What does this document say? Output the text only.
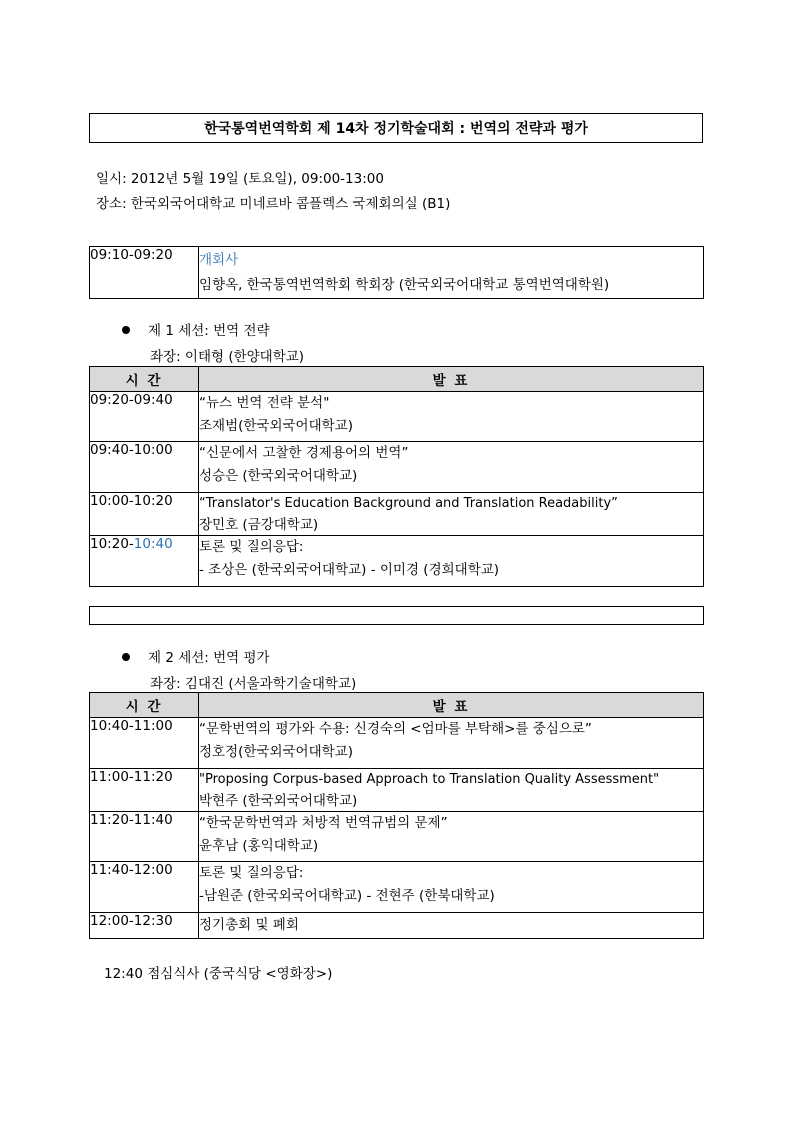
한국통역번역학회 제 14차 정기학술대회 : 번역의 전략과 평가
일시: 2012년 5월 19일 (토요일), 09:00-13:00
장소: 한국외국어대학교 미네르바 콤플렉스 국제회의실 (B1)
09:10-09:20	개회사
임향옥, 한국통역번역학회 학회장 (한국외국어대학교 통역번역대학원)
제 1 세션: 번역 전략
좌장: 이태형 (한양대학교)
시 간	발 표
09:20-09:40	“뉴스 번역 전략 분석"
조재범(한국외국어대학교)

09:40-10:00	“신문에서 고찰한 경제용어의 번역”
성승은 (한국외국어대학교)

10:00-10:20	“Translator's Education Background and Translation Readability”
장민호 (금강대학교)

10:20-10:40	토론 및 질의응답:
- 조상은 (한국외국어대학교) - 이미경 (경희대학교)
제 2 세션: 번역 평가
좌장: 김대진 (서울과학기술대학교)
시 간	발 표
10:40-11:00	“문학번역의 평가와 수용: 신경숙의 <엄마를 부탁해>를 중심으로”
정호정(한국외국어대학교)

11:00-11:20	"Proposing Corpus-based Approach to Translation Quality Assessment"
박현주 (한국외국어대학교)

11:20-11:40	“한국문학번역과 처방적 번역규범의 문제”
윤후남 (홍익대학교)

11:40-12:00	토론 및 질의응답:
-남원준 (한국외국어대학교) - 전현주 (한북대학교)

12:00-12:30	정기총회 및 폐회
12:40 점심식사 (중국식당 <영화장>)
